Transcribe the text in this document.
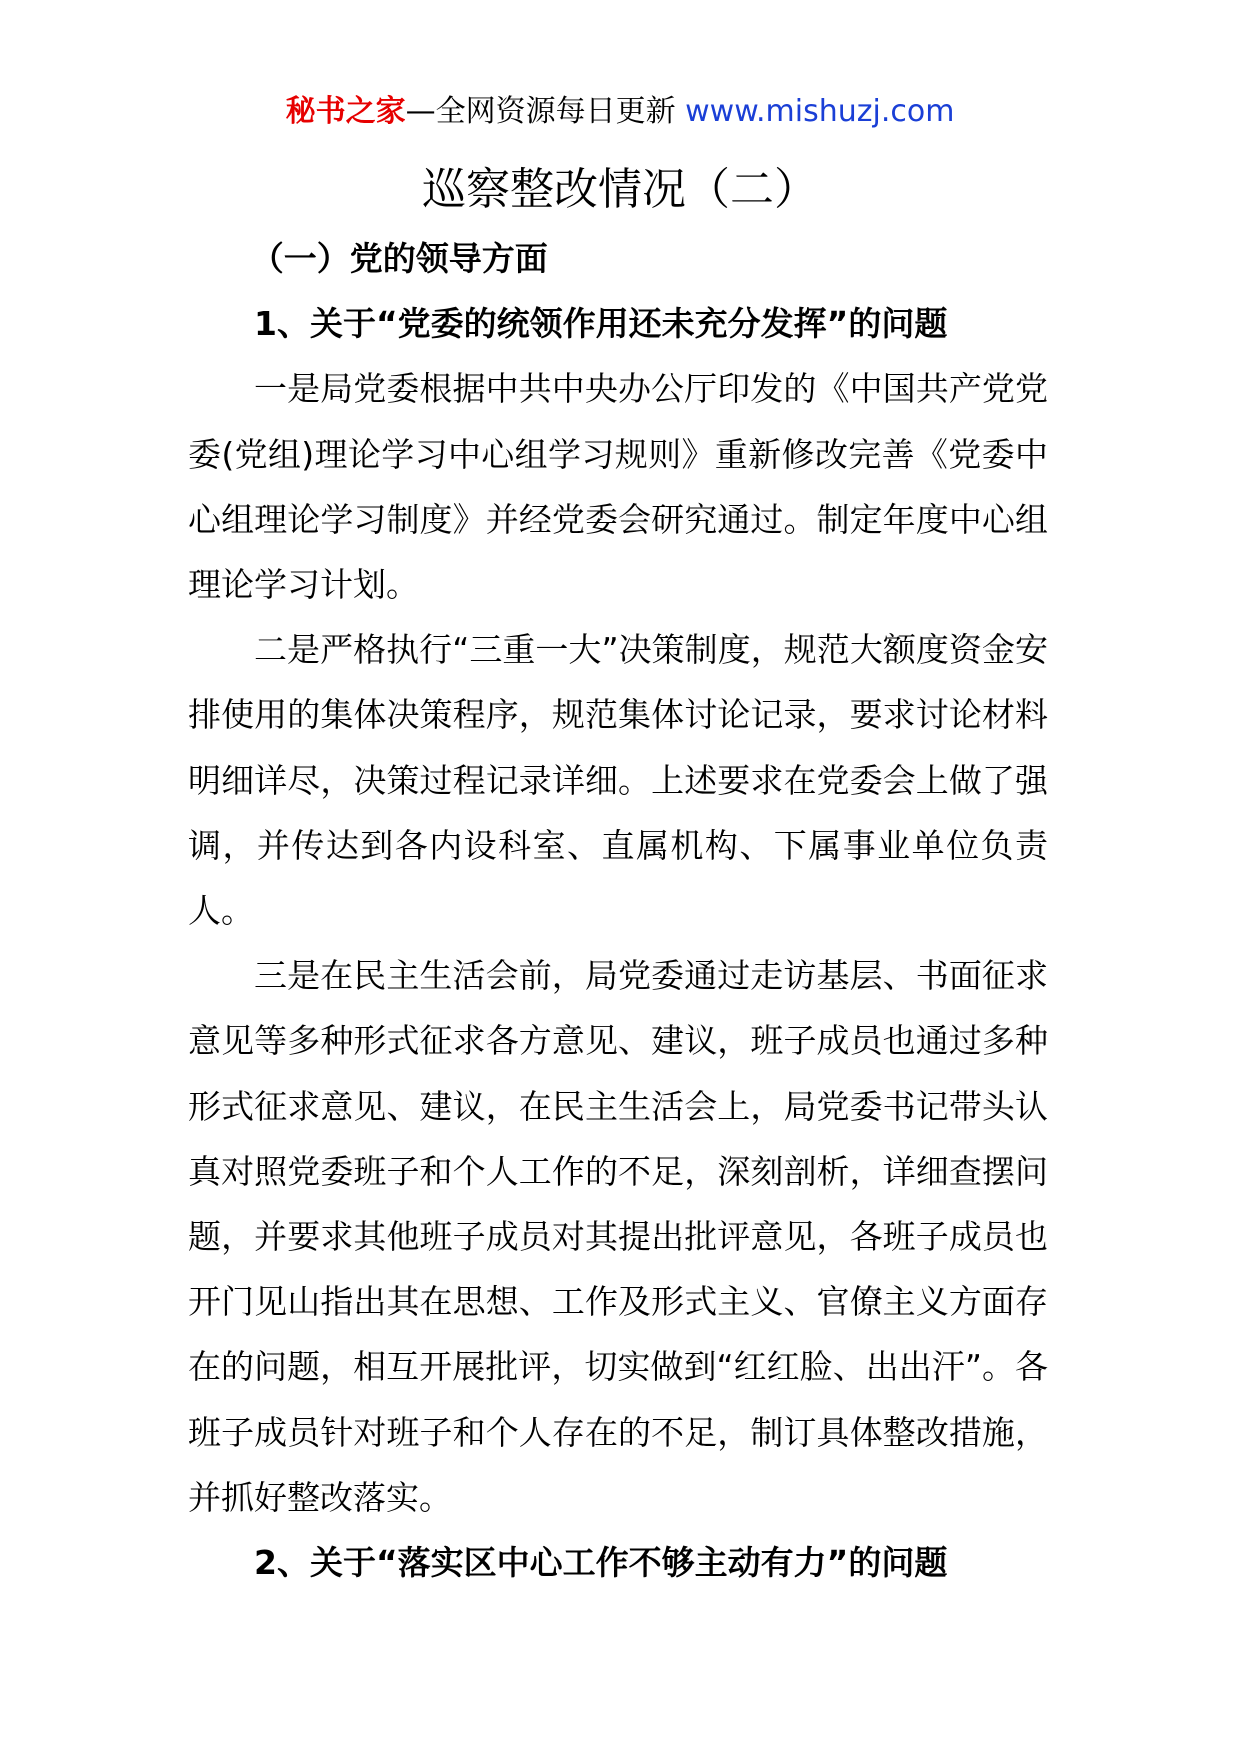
秘书之家—全网资源每日更新 www.mishuzj.com
巡察整改情况（二）

（一）党的领导方面

1、关于“党委的统领作用还未充分发挥”的问题

一是局党委根据中共中央办公厅印发的《中国共产党党委(党组)理论学习中心组学习规则》重新修改完善《党委中心组理论学习制度》并经党委会研究通过。制定年度中心组理论学习计划。

二是严格执行“三重一大”决策制度，规范大额度资金安排使用的集体决策程序，规范集体讨论记录，要求讨论材料明细详尽，决策过程记录详细。上述要求在党委会上做了强调，并传达到各内设科室、直属机构、下属事业单位负责人。

三是在民主生活会前，局党委通过走访基层、书面征求意见等多种形式征求各方意见、建议，班子成员也通过多种形式征求意见、建议，在民主生活会上，局党委书记带头认真对照党委班子和个人工作的不足，深刻剖析，详细查摆问题，并要求其他班子成员对其提出批评意见，各班子成员也开门见山指出其在思想、工作及形式主义、官僚主义方面存在的问题，相互开展批评，切实做到“红红脸、出出汗”。各班子成员针对班子和个人存在的不足，制订具体整改措施，并抓好整改落实。

2、关于“落实区中心工作不够主动有力”的问题
